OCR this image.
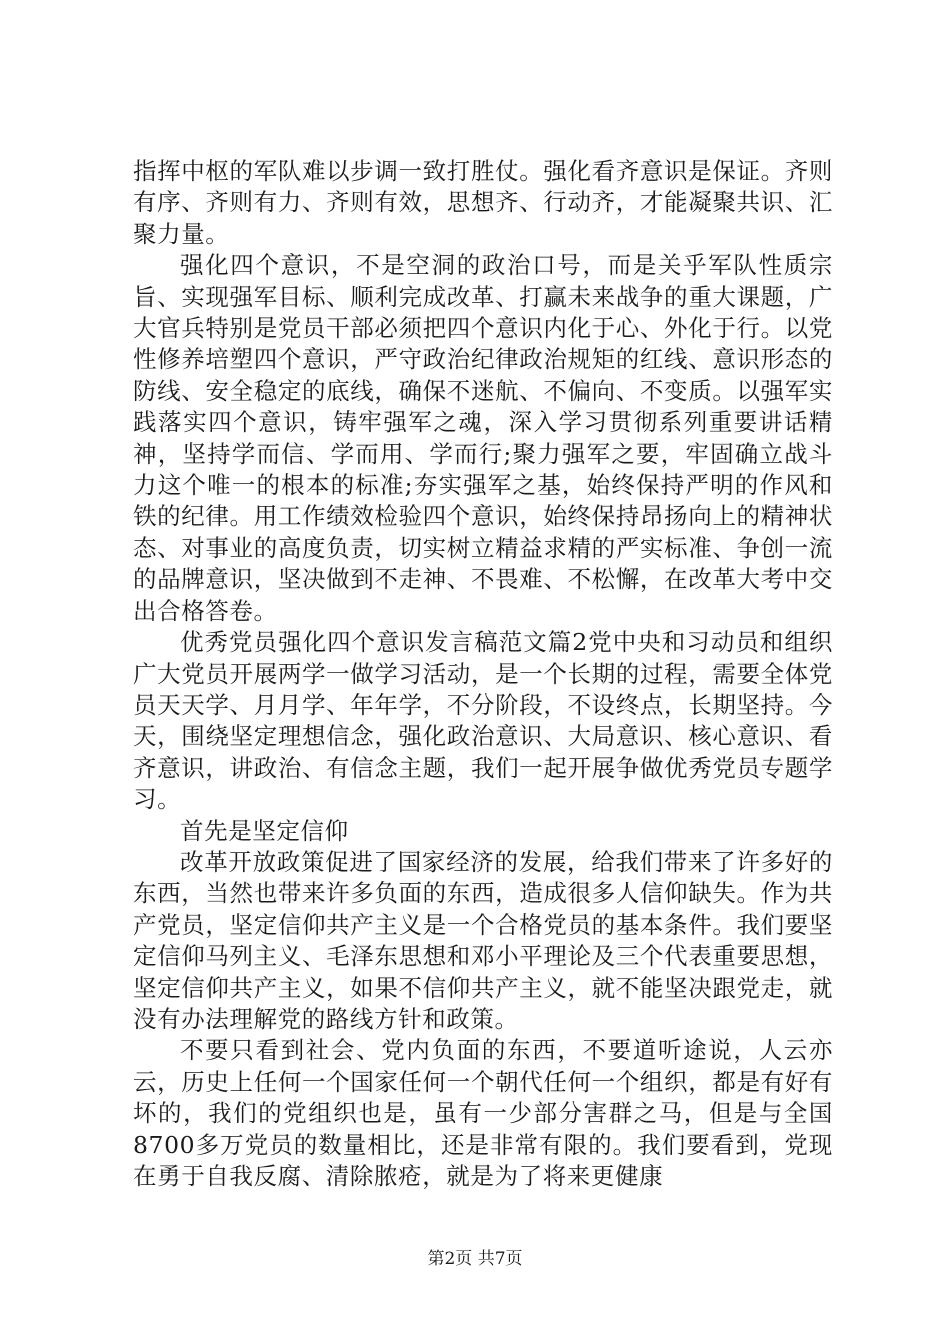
指挥中枢的军队难以步调一致打胜仗。强化看齐意识是保证。齐则有序、齐则有力、齐则有效，思想齐、行动齐，才能凝聚共识、汇聚力量。

强化四个意识，不是空洞的政治口号，而是关乎军队性质宗旨、实现强军目标、顺利完成改革、打赢未来战争的重大课题，广大官兵特别是党员干部必须把四个意识内化于心、外化于行。以党性修养培塑四个意识，严守政治纪律政治规矩的红线、意识形态的防线、安全稳定的底线，确保不迷航、不偏向、不变质。以强军实践落实四个意识，铸牢强军之魂，深入学习贯彻系列重要讲话精神，坚持学而信、学而用、学而行;聚力强军之要，牢固确立战斗力这个唯一的根本的标准;夯实强军之基，始终保持严明的作风和铁的纪律。用工作绩效检验四个意识，始终保持昂扬向上的精神状态、对事业的高度负责，切实树立精益求精的严实标准、争创一流的品牌意识，坚决做到不走神、不畏难、不松懈，在改革大考中交出合格答卷。

优秀党员强化四个意识发言稿范文篇2党中央和习动员和组织广大党员开展两学一做学习活动，是一个长期的过程，需要全体党员天天学、月月学、年年学，不分阶段，不设终点，长期坚持。今天，围绕坚定理想信念，强化政治意识、大局意识、核心意识、看齐意识，讲政治、有信念主题，我们一起开展争做优秀党员专题学习。

首先是坚定信仰

改革开放政策促进了国家经济的发展，给我们带来了许多好的东西，当然也带来许多负面的东西，造成很多人信仰缺失。作为共产党员，坚定信仰共产主义是一个合格党员的基本条件。我们要坚定信仰马列主义、毛泽东思想和邓小平理论及三个代表重要思想，坚定信仰共产主义，如果不信仰共产主义，就不能坚决跟党走，就没有办法理解党的路线方针和政策。

不要只看到社会、党内负面的东西，不要道听途说，人云亦云，历史上任何一个国家任何一个朝代任何一个组织，都是有好有坏的，我们的党组织也是，虽有一少部分害群之马，但是与全国8700多万党员的数量相比，还是非常有限的。我们要看到，党现在勇于自我反腐、清除脓疮，就是为了将来更健康

第2页 共7页
